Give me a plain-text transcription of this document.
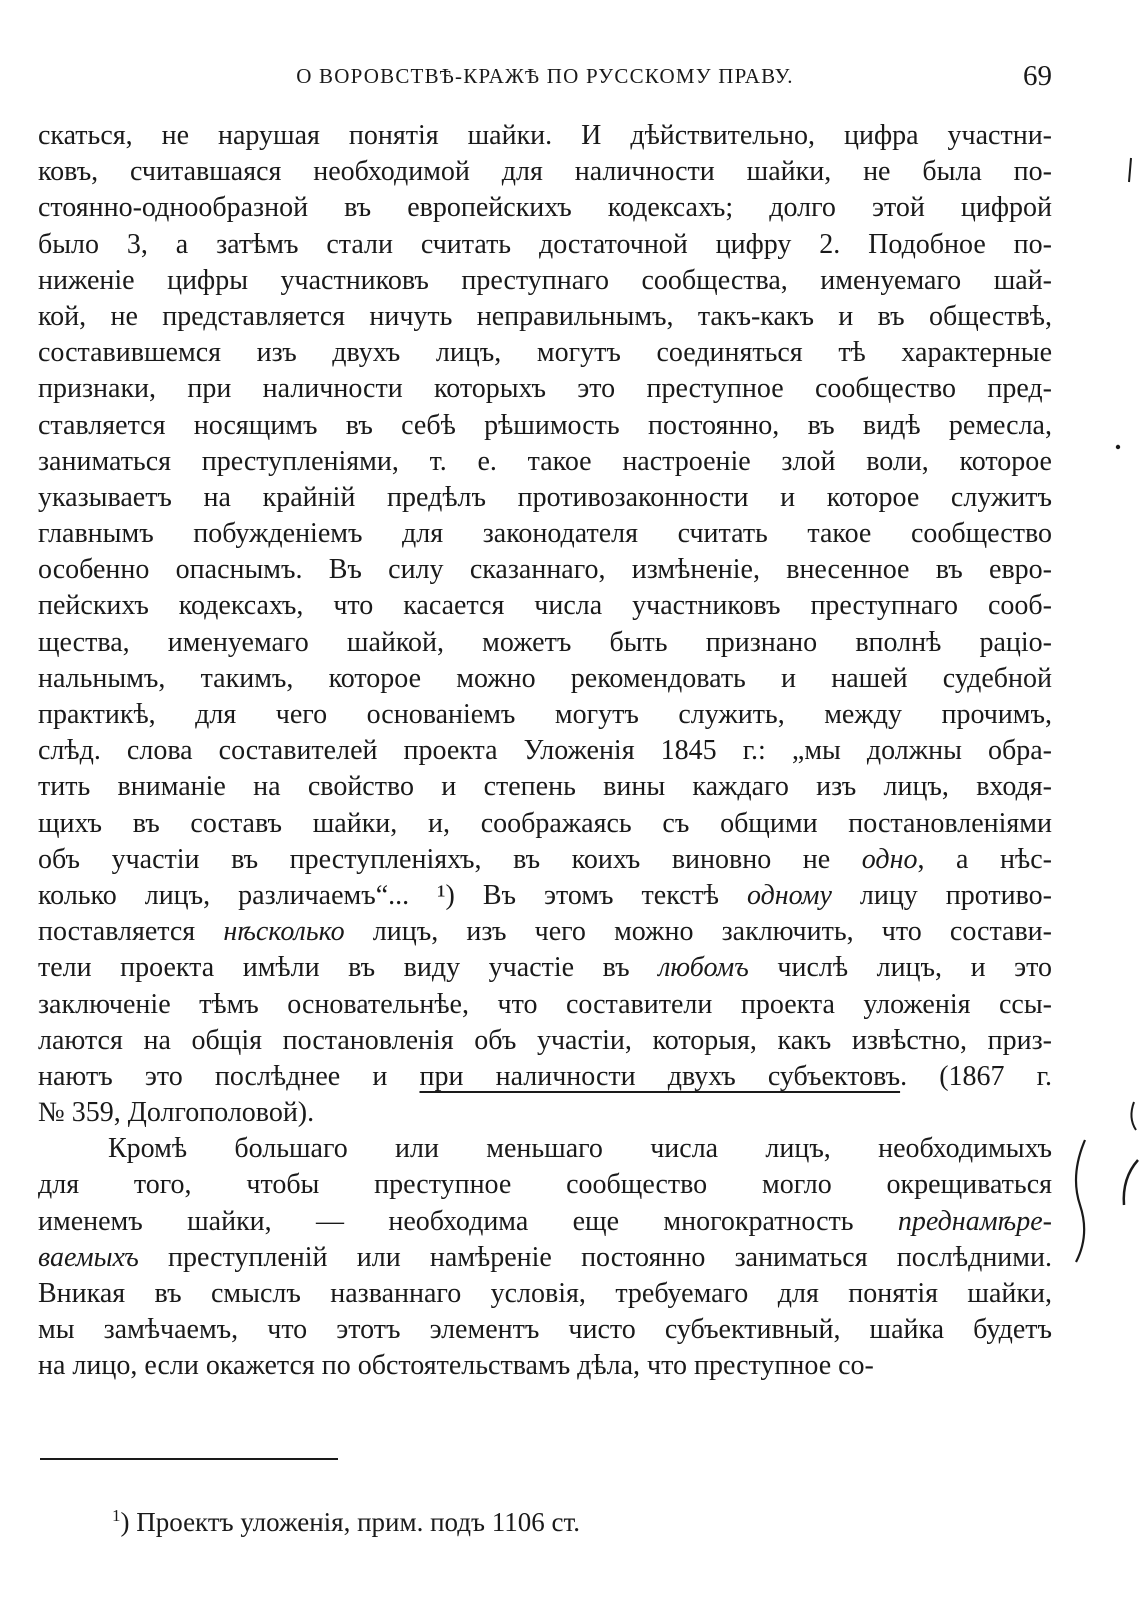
О ВОРОВСТВѢ-КРАЖѢ ПО РУССКОМУ ПРАВУ.	69
скаться, не нарушая понятія шайки. И дѣйствительно, цифра участни-
ковъ, считавшаяся необходимой для наличности шайки, не была по-
стоянно-однообразной въ европейскихъ кодексахъ; долго этой цифрой
было 3, а затѣмъ стали считать достаточной цифру 2. Подобное по-
ниженіе цифры участниковъ преступнаго сообщества, именуемаго шай-
кой, не представляется ничуть неправильнымъ, такъ-какъ и въ обществѣ,
составившемся изъ двухъ лицъ, могутъ соединяться тѣ характерные
признаки, при наличности которыхъ это преступное сообщество пред-
ставляется носящимъ въ себѣ рѣшимость постоянно, въ видѣ ремесла,
заниматься преступленіями, т. е. такое настроеніе злой воли, которое
указываетъ на крайній предѣлъ противозаконности и которое служитъ
главнымъ побужденіемъ для законодателя считать такое сообщество
особенно опаснымъ. Въ силу сказаннаго, измѣненіе, внесенное въ евро-
пейскихъ кодексахъ, что касается числа участниковъ преступнаго сооб-
щества, именуемаго шайкой, можетъ быть признано вполнѣ раціо-
нальнымъ, такимъ, которое можно рекомендовать и нашей судебной
практикѣ, для чего основаніемъ могутъ служить, между прочимъ,
слѣд. слова составителей проекта Уложенія 1845 г.: „мы должны обра-
тить вниманіе на свойство и степень вины каждаго изъ лицъ, входя-
щихъ въ составъ шайки, и, соображаясь съ общими постановленіями
объ участіи въ преступленіяхъ, въ коихъ виновно не одно, а нѣс-
колько лицъ, различаемъ“... ¹) Въ этомъ текстѣ одному лицу противо-
поставляется нѣсколько лицъ, изъ чего можно заключить, что состави-
тели проекта имѣли въ виду участіе въ любомъ числѣ лицъ, и это
заключеніе тѣмъ основательнѣе, что составители проекта уложенія ссы-
лаются на общія постановленія объ участіи, которыя, какъ извѣстно, приз-
наютъ это послѣднее и при наличности двухъ субъектовъ. (1867 г.
№ 359, Долгополовой).
Кромѣ большаго или меньшаго числа лицъ, необходимыхъ
для того, чтобы преступное сообщество могло окрещиваться
именемъ шайки, — необходима еще многократность преднамѣре-
ваемыхъ преступленій или намѣреніе постоянно заниматься послѣдними.
Вникая въ смыслъ названнаго условія, требуемаго для понятія шайки,
мы замѣчаемъ, что этотъ элементъ чисто субъективный, шайка будетъ
на лицо, если окажется по обстоятельствамъ дѣла, что преступное со-
$^1$) Проектъ уложенія, прим. подъ 1106 ст.
